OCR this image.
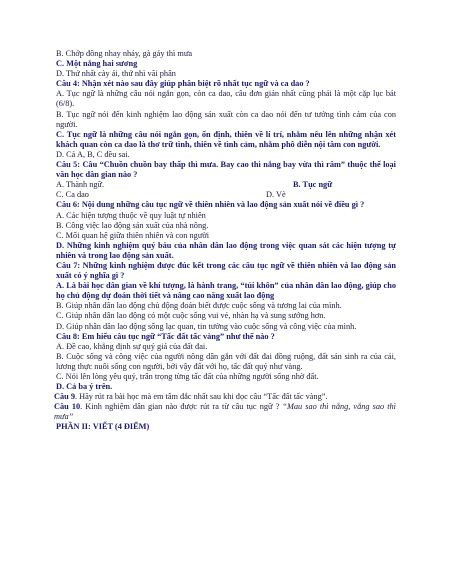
B. Chớp đông nhay nháy, gà gáy thì mưa

C. Một nắng hai sương

D. Thứ nhất cày ải, thứ nhì vãi phân

Câu 4: Nhận xét nào sau đây giúp phân biệt rõ nhất tục ngữ và ca dao ?

A. Tục ngữ là những câu nói ngắn gọn, còn ca dao, câu đơn giản nhất cũng phải là một cặp lục bát (6/8).

B. Tục ngữ nói đến kinh nghiệm lao động sản xuất còn ca dao nói đến tư tưởng tình cảm của con người.

C. Tục ngữ là những câu nói ngắn gọn, ổn định, thiên về lí trí, nhằm nêu lên những nhận xét khách quan còn ca dao là thơ trữ tình, thiên về tình cảm, nhằm phô diễn nội tâm con người.

D. Cả A, B, C đều sai.

Câu 5: Câu “Chuồn chuồn bay thấp thì mưa. Bay cao thì nắng bay vừa thì râm” thuộc thể loại văn học dân gian nào ?

A. Thành ngữ.	B. Tục ngữ
C. Ca dao	D. Vè

Câu 6: Nội dung những câu tục ngữ về thiên nhiên và lao động sản xuất nói về điều gì ?

A. Các hiện tượng thuộc về quy luật tự nhiên

B. Công việc lao động sản xuất của nhà nông.

C. Mối quan hệ giữa thiên nhiên và con người

D. Những kinh nghiệm quý báu của nhân dân lao động trong việc quan sát các hiện tượng tự nhiên và trong lao động sản xuất.

Câu 7: Những kinh nghiệm được đúc kết trong các câu tục ngữ về thiên nhiên và lao động sản xuất có ý nghĩa gì ?

A. Là bài học dân gian về khí tượng, là hành trang, “túi khôn” của nhân dân lao động, giúp cho họ chủ động dự đoán thời tiết và nâng cao năng xuất lao động

B. Giúp nhân dân lao động chủ động đoán biết được cuộc sống và tương lai của mình.

C. Giúp nhân dân lao động có một cuộc sống vui vẻ, nhàn hạ và sung sướng hơn.

D. Giúp nhân dân lao động sống lạc quan, tin tưởng vào cuộc sống và công việc của mình.

Câu 8: Em hiểu câu tục ngữ “Tấc đất tấc vàng” như thế nào ?

A. Đề cao, khẳng định sự quý giá của đất đai.

B. Cuộc sống và công việc của người nông dân gắn với đất đai đồng ruộng, đất sản sinh ra của cải, lương thực nuôi sống con người, bởi vậy đất với họ, tấc đất quý như vàng.

C. Nói lên lòng yêu quý, trân trọng từng tấc đất của những người sống nhờ đất.

D. Cả ba ý trên.

Câu 9. Hãy rút ra bài học mà em tâm đắc nhất sau khi đọc câu “Tấc đất tấc vàng”.

Câu 10. Kinh nghiệm dân gian nào được rút ra từ câu tục ngữ ? “Mau sao thì nắng, vắng sao thì mưa”

PHẦN II: VIẾT (4 ĐIỂM)
